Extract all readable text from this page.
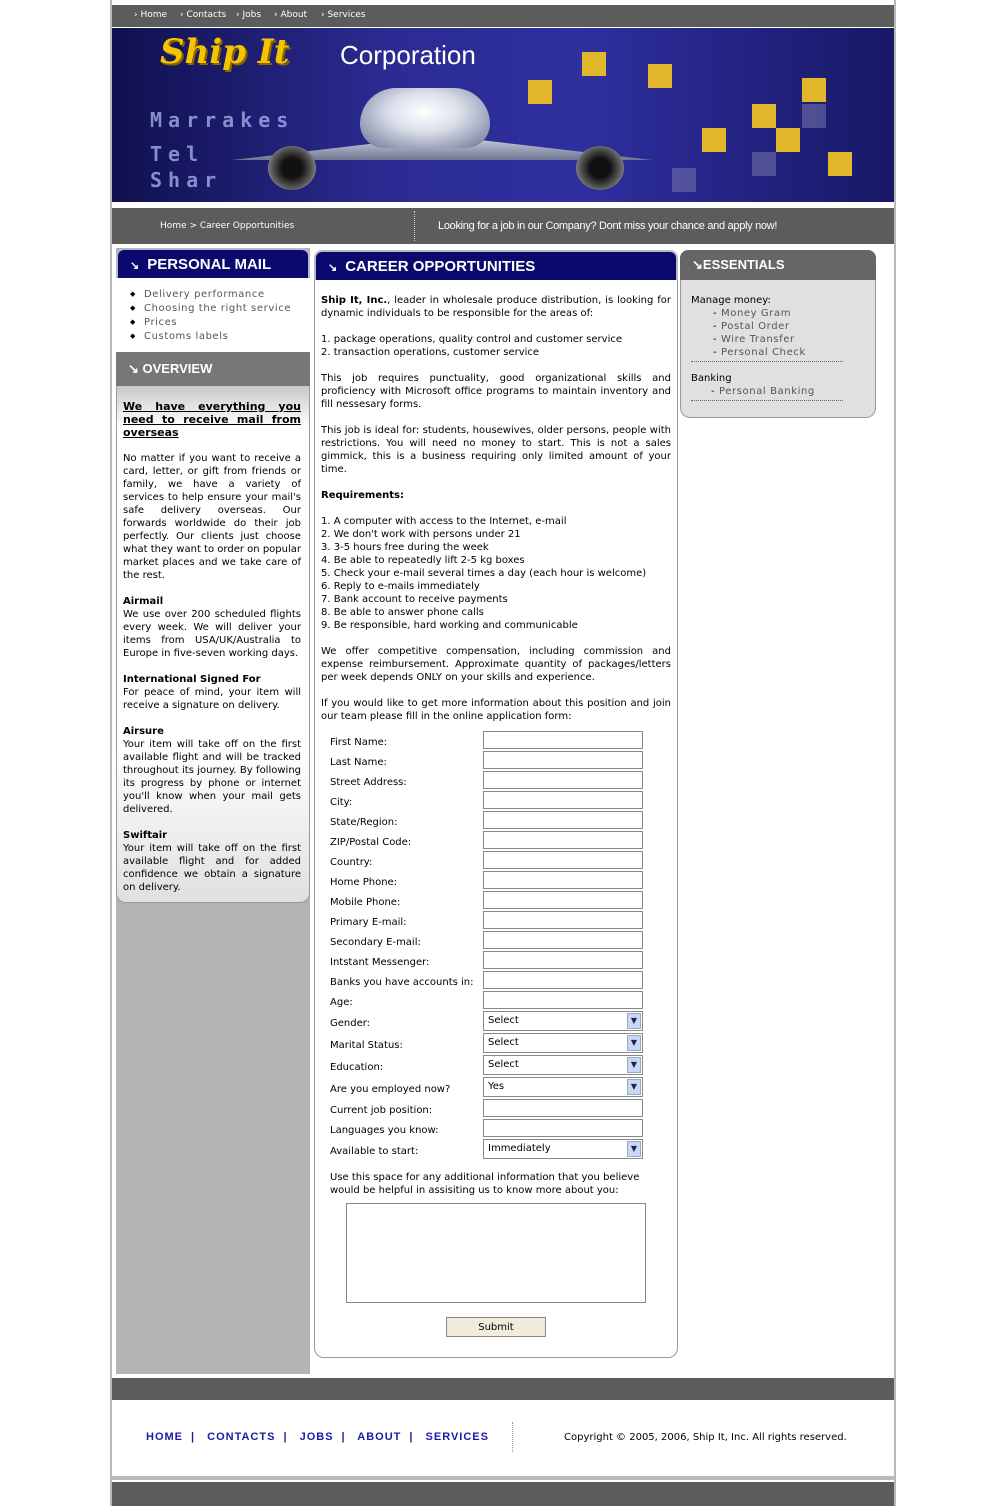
› Home	› Contacts	› Jobs	› About	› Services
Marrakes
Tel
Shar
Ship It Corporation
Home > Career Opportunities	Looking for a job in our Company? Dont miss your chance and apply now!
↘ PERSONAL MAIL
◆ Delivery performance
◆ Choosing the right service
◆ Prices
◆ Customs labels
↘ OVERVIEW

We have everything you need to receive mail from overseas

No matter if you want to receive a card, letter, or gift from friends or family, we have a variety of services to help ensure your mail's safe delivery overseas. Our forwards worldwide do their job perfectly. Our clients just choose what they want to order on popular market places and we take care of the rest.

Airmail
We use over 200 scheduled flights every week. We will deliver your items from USA/UK/Australia to Europe in five-seven working days.

International Signed For
For peace of mind, your item will receive a signature on delivery.

Airsure
Your item will take off on the first available flight and will be tracked throughout its journey. By following its progress by phone or internet you'll know when your mail gets delivered.

Swiftair
Your item will take off on the first available flight and for added confidence we obtain a signature on delivery.

↘ CAREER OPPORTUNITIES

Ship It, Inc., leader in wholesale produce distribution, is looking for dynamic individuals to be responsible for the areas of:

1. package operations, quality control and customer service
2. transaction operations, customer service

This job requires punctuality, good organizational skills and proficiency with Microsoft office programs to maintain inventory and fill nessesary forms.

This job is ideal for: students, housewives, older persons, people with restrictions. You will need no money to start. This is not a sales gimmick, this is a business requiring only limited amount of your time.

Requirements:

1. A computer with access to the Internet, e-mail
2. We don't work with persons under 21
3. 3-5 hours free during the week
4. Be able to repeatedly lift 2-5 kg boxes
5. Check your e-mail several times a day (each hour is welcome)
6. Reply to e-mails immediately
7. Bank account to receive payments
8. Be able to answer phone calls
9. Be responsible, hard working and communicable

We offer competitive compensation, including commission and expense reimbursement. Approximate quantity of packages/letters per week depends ONLY on your skills and experience.

If you would like to get more information about this position and join our team please fill in the online application form:

First Name:
Last Name:
Street Address:
City:
State/Region:
ZIP/Postal Code:
Country:
Home Phone:
Mobile Phone:
Primary E-mail:
Secondary E-mail:
Intstant Messenger:
Banks you have accounts in:
Age:
Gender:	Select	▼
Marital Status:	Select	▼
Education:	Select	▼
Are you employed now?	Yes	▼
Current job position:
Languages you know:
Available to start:	Immediately	▼
Use this space for any additional information that you believe would be helpful in assisiting us to know more about you:
Submit
↘ESSENTIALS
Manage money:
- Money Gram
- Postal Order
- Wire Transfer
- Personal Check
Banking
- Personal Banking
HOME | CONTACTS | JOBS | ABOUT | SERVICES	Copyright © 2005, 2006, Ship It, Inc. All rights reserved.
